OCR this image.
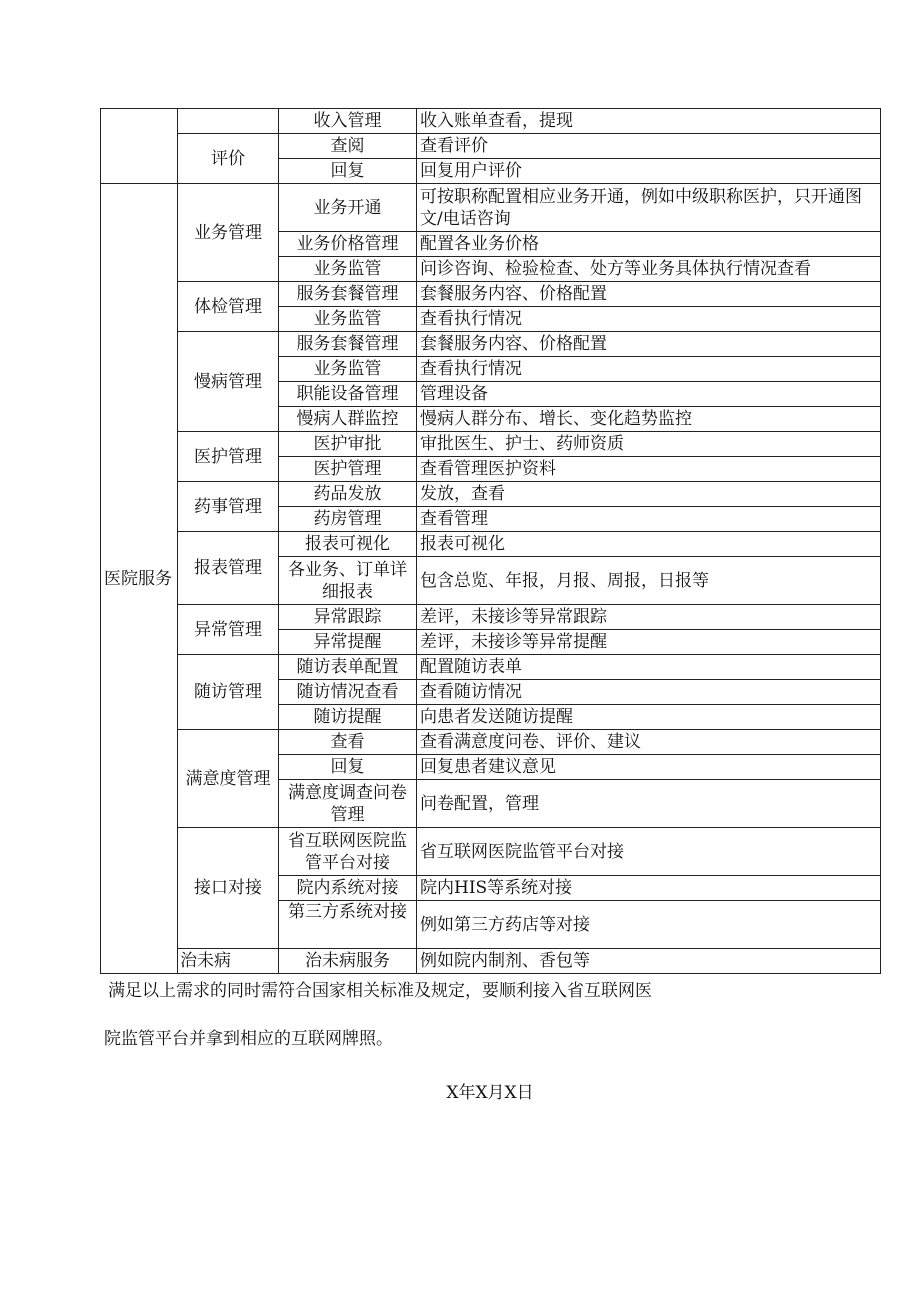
		收入管理	收入账单查看，提现
	评价	查阅	查看评价
		回复	回复用户评价
医院服务	业务管理	业务开通	可按职称配置相应业务开通，例如中级职称医护，只开通图文/电话咨询
		业务价格管理	配置各业务价格
		业务监管	问诊咨询、检验检查、处方等业务具体执行情况查看
	体检管理	服务套餐管理	套餐服务内容、价格配置
		业务监管	查看执行情况
	慢病管理	服务套餐管理	套餐服务内容、价格配置
		业务监管	查看执行情况
		职能设备管理	管理设备
		慢病人群监控	慢病人群分布、增长、变化趋势监控
	医护管理	医护审批	审批医生、护士、药师资质
		医护管理	查看管理医护资料
	药事管理	药品发放	发放，查看
		药房管理	查看管理
	报表管理	报表可视化	报表可视化
		各业务、订单详细报表	包含总览、年报，月报、周报，日报等
	异常管理	异常跟踪	差评，未接诊等异常跟踪
		异常提醒	差评，未接诊等异常提醒
	随访管理	随访表单配置	配置随访表单
		随访情况查看	查看随访情况
		随访提醒	向患者发送随访提醒
	满意度管理	查看	查看满意度问卷、评价、建议
		回复	回复患者建议意见
		满意度调查问卷管理	问卷配置，管理
	接口对接	省互联网医院监管平台对接	省互联网医院监管平台对接
		院内系统对接	院内HIS等系统对接
		第三方系统对接	例如第三方药店等对接
	治未病	治未病服务	例如院内制剂、香包等
满足以上需求的同时需符合国家相关标准及规定，要顺利接入省互联网医
院监管平台并拿到相应的互联网牌照。
X年X月X日
